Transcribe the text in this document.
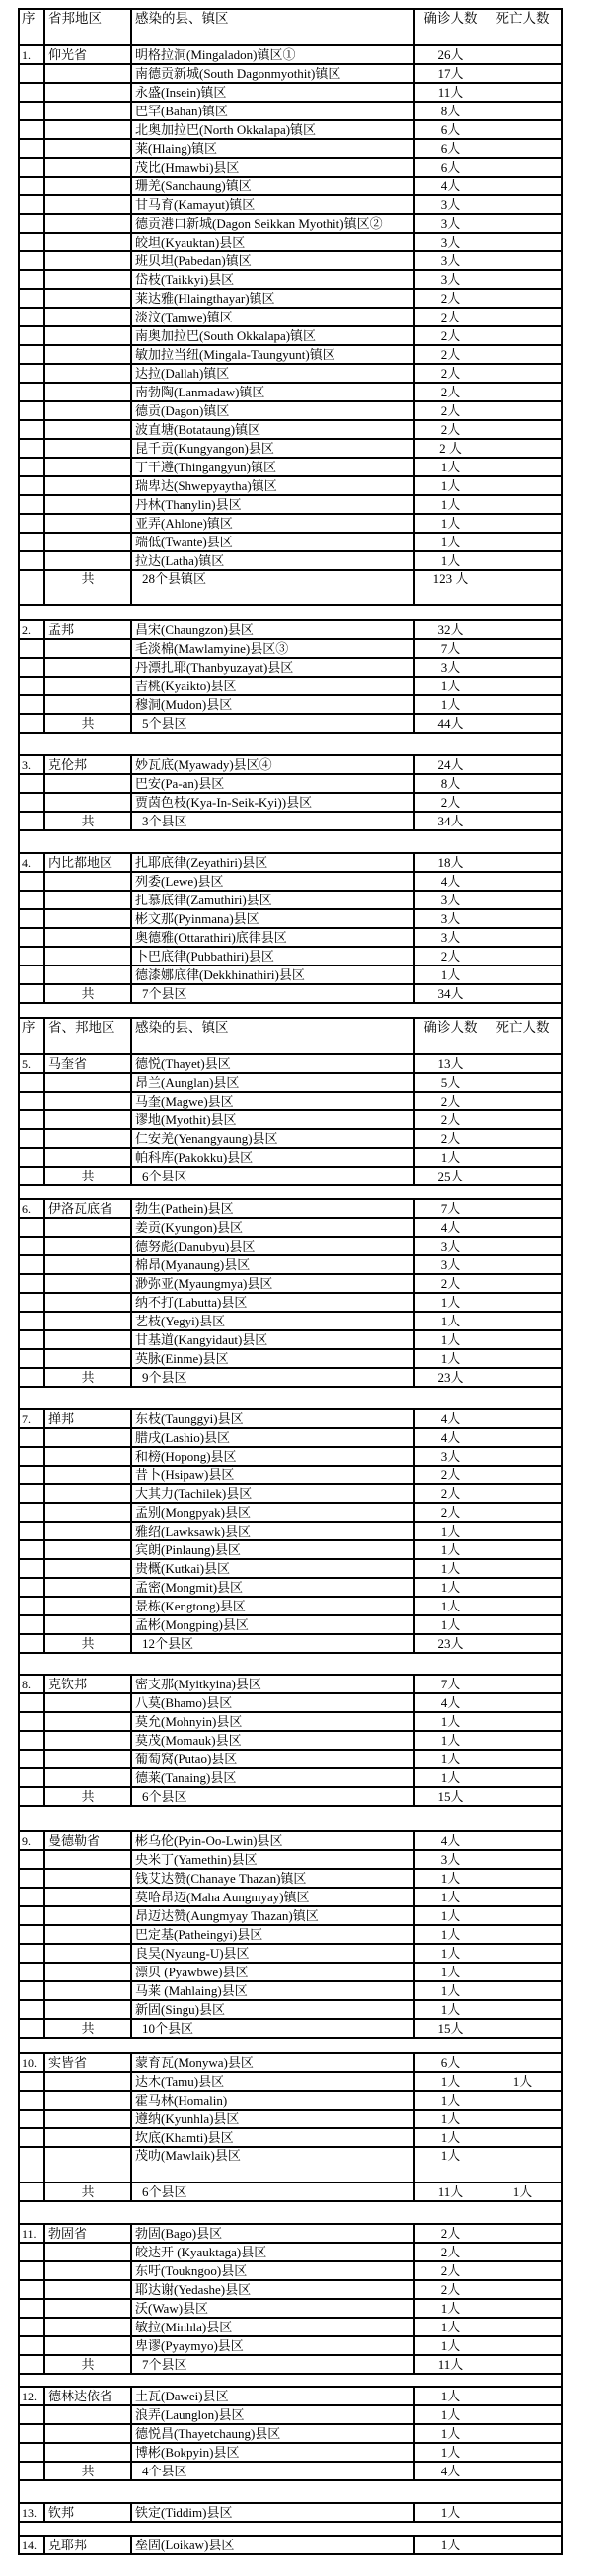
序	省邦地区	感染的县、镇区	确诊人数 死亡人数
1.	仰光省	明格拉洞(Mingaladon)镇区①	26人
		南德贡新城(South Dagonmyothit)镇区	17人
		永盛(Insein)镇区	11人
		巴罕(Bahan)镇区	8人
		北奥加拉巴(North Okkalapa)镇区	6人
		莱(Hlaing)镇区	6人
		茂比(Hmawbi)县区	6人
		珊羌(Sanchaung)镇区	4人
		甘马育(Kamayut)镇区	3人
		德贡港口新城(Dagon Seikkan Myothit)镇区②	3人
		皎坦(Kyauktan)县区	3人
		班贝坦(Pabedan)镇区	3人
		岱枝(Taikkyi)县区	3人
		莱达雅(Hlaingthayar)镇区	2人
		淡汶(Tamwe)镇区	2人
		南奥加拉巴(South Okkalapa)镇区	2人
		敏加拉当纽(Mingala-Taungyunt)镇区	2人
		达拉(Dallah)镇区	2人
		南勃陶(Lanmadaw)镇区	2人
		德贡(Dagon)镇区	2人
		波直塘(Botataung)镇区	2人
		昆千贡(Kungyangon)县区	2 人
		丁干遵(Thingangyun)镇区	1人
		瑞卑达(Shwepyaytha)镇区	1人
		丹林(Thanylin)县区	1人
		亚弄(Ahlone)镇区	1人
		端低(Twante)县区	1人
		拉达(Latha)镇区	1人
	共	28个县镇区	123 人

2.	孟邦	昌宋(Chaungzon)县区	32人
		毛淡棉(Mawlamyine)县区③	7人
		丹漂扎耶(Thanbyuzayat)县区	3人
		吉桃(Kyaikto)县区	1人
		穆洞(Mudon)县区	1人
	共	5个县区	44人

3.	克伦邦	妙瓦底(Myawady)县区④	24人
		巴安(Pa-an)县区	8人
		贾茵色枝(Kya-In-Seik-Kyi))县区	2人
	共	3个县区	34人

4.	内比都地区	扎耶底律(Zeyathiri)县区	18人
		列委(Lewe)县区	4人
		扎慕底律(Zamuthiri)县区	3人
		彬文那(Pyinmana)县区	3人
		奥德雅(Ottarathiri)底律县区	3人
		卜巴底律(Pubbathiri)县区	2人
		德漆娜底律(Dekkhinathiri)县区	1人
	共	7个县区	34人

序	省、邦地区	感染的县、镇区	确诊人数 死亡人数
5.	马奎省	德悦(Thayet)县区	13人
		昂兰(Aunglan)县区	5人
		马奎(Magwe)县区	2人
		谬地(Myothit)县区	2人
		仁安羌(Yenangyaung)县区	2人
		帕科库(Pakokku)县区	1人
	共	6个县区	25人

6.	伊洛瓦底省	勃生(Pathein)县区	7人
		姜贡(Kyungon)县区	4人
		德努彪(Danubyu)县区	3人
		棉昂(Myanaung)县区	3人
		渺弥亚(Myaungmya)县区	2人
		纳不打(Labutta)县区	1人
		艺枝(Yegyi)县区	1人
		甘基道(Kangyidaut)县区	1人
		英脉(Einme)县区	1人
	共	9个县区	23人

7.	掸邦	东枝(Taunggyi)县区	4人
		腊戌(Lashio)县区	4人
		和榜(Hopong)县区	3人
		昔卜(Hsipaw)县区	2人
		大其力(Tachilek)县区	2人
		孟别(Mongpyak)县区	2人
		雅绍(Lawksawk)县区	1人
		宾朗(Pinlaung)县区	1人
		贵概(Kutkai)县区	1人
		孟密(Mongmit)县区	1人
		景栋(Kengtong)县区	1人
		孟彬(Mongping)县区	1人
	共	12个县区	23人

8.	克钦邦	密支那(Myitkyina)县区	7人
		八莫(Bhamo)县区	4人
		莫允(Mohnyin)县区	1人
		莫茂(Momauk)县区	1人
		葡萄窝(Putao)县区	1人
		德莱(Tanaing)县区	1人
	共	6个县区	15人

9.	曼德勒省	彬乌伦(Pyin-Oo-Lwin)县区	4人
		央米丁(Yamethin)县区	3人
		钱艾达赞(Chanaye Thazan)镇区	1人
		莫哈昂迈(Maha Aungmyay)镇区	1人
		昂迈达赞(Aungmyay Thazan)镇区	1人
		巴定基(Patheingyi)县区	1人
		良吴(Nyaung-U)县区	1人
		漂贝 (Pyawbwe)县区	1人
		马莱 (Mahlaing)县区	1人
		新固(Singu)县区	1人
	共	10个县区	15人

10.	实皆省	蒙育瓦(Monywa)县区	6人
		达木(Tamu)县区	1人 1人
		霍马林(Homalin)	1人
		遵纳(Kyunhla)县区	1人
		坎底(Khamti)县区	1人
		茂叻(Mawlaik)县区	1人
	共	6个县区	11人 1人

11.	勃固省	勃固(Bago)县区	2人
		皎达开 (Kyauktaga)县区	2人
		东吁(Toukngoo)县区	2人
		耶达谢(Yedashe)县区	2人
		沃(Waw)县区	1人
		敏拉(Minhla)县区	1人
		卑谬(Pyaymyo)县区	1人
	共	7个县区	11人

12.	德林达依省	土瓦(Dawei)县区	1人
		浪弄(Launglon)县区	1人
		德悦昌(Thayetchaung)县区	1人
		博彬(Bokpyin)县区	1人
	共	4个县区	4人

13.	钦邦	铁定(Tiddim)县区	1人

14.	克耶邦	垒固(Loikaw)县区	1人
